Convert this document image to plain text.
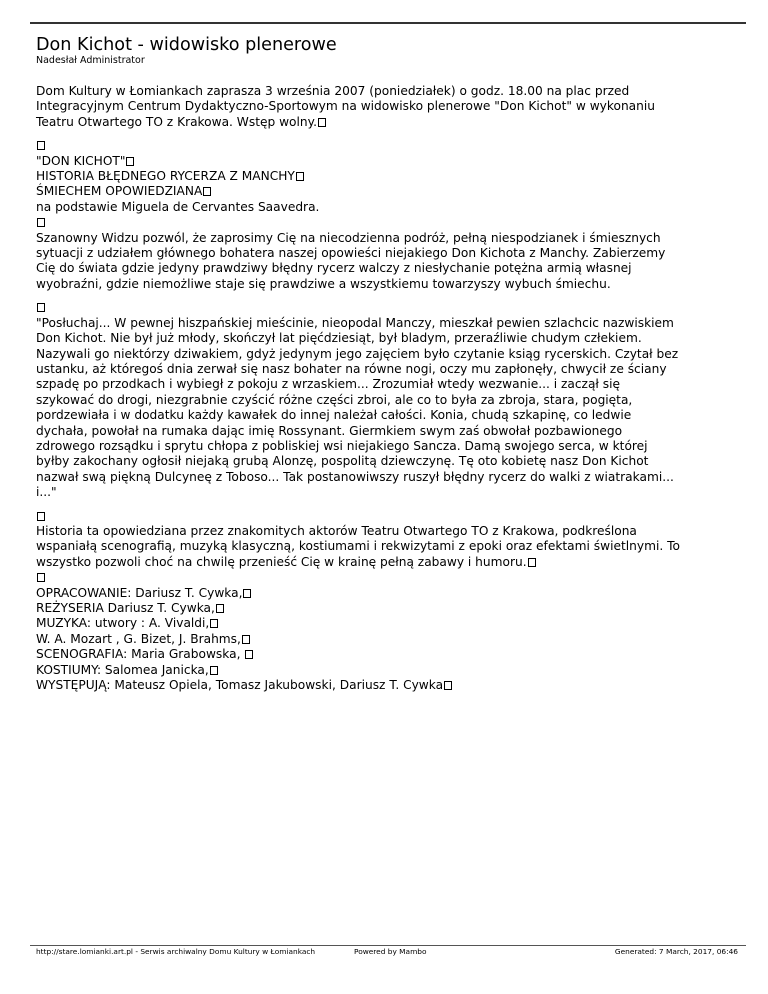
Don Kichot - widowisko plenerowe
Nadesłał Administrator

Dom Kultury w Łomiankach zaprasza 3 września 2007 (poniedziałek) o godz. 18.00 na plac przed
Integracyjnym Centrum Dydaktyczno-Sportowym na widowisko plenerowe "Don Kichot" w wykonaniu
Teatru Otwartego TO z Krakowa. Wstęp wolny.

"DON KICHOT"
HISTORIA BŁĘDNEGO RYCERZA Z MANCHY
ŚMIECHEM OPOWIEDZIANA
na podstawie Miguela de Cervantes Saavedra.
Szanowny Widzu pozwól, że zaprosimy Cię na niecodzienna podróż, pełną niespodzianek i śmiesznych
sytuacji z udziałem głównego bohatera naszej opowieści niejakiego Don Kichota z Manchy. Zabierzemy
Cię do świata gdzie jedyny prawdziwy błędny rycerz walczy z niesłychanie potężna armią własnej
wyobraźni, gdzie niemożliwe staje się prawdziwe a wszystkiemu towarzyszy wybuch śmiechu.

"Posłuchaj... W pewnej hiszpańskiej mieścinie, nieopodal Manczy, mieszkał pewien szlachcic nazwiskiem
Don Kichot. Nie był już młody, skończył lat pięćdziesiąt, był bladym, przeraźliwie chudym człekiem.
Nazywali go niektórzy dziwakiem, gdyż jedynym jego zajęciem było czytanie ksiąg rycerskich. Czytał bez
ustanku, aż któregoś dnia zerwał się nasz bohater na równe nogi, oczy mu zapłonęły, chwycił ze ściany
szpadę po przodkach i wybiegł z pokoju z wrzaskiem... Zrozumiał wtedy wezwanie... i zaczął się
szykować do drogi, niezgrabnie czyścić różne części zbroi, ale co to była za zbroja, stara, pogięta,
pordzewiała i w dodatku każdy kawałek do innej należał całości. Konia, chudą szkapinę, co ledwie
dychała, powołał na rumaka dając imię Rossynant. Giermkiem swym zaś obwołał pozbawionego
zdrowego rozsądku i sprytu chłopa z pobliskiej wsi niejakiego Sancza. Damą swojego serca, w której
byłby zakochany ogłosił niejaką grubą Alonzę, pospolitą dziewczynę. Tę oto kobietę nasz Don Kichot
nazwał swą piękną Dulcyneę z Toboso... Tak postanowiwszy ruszył błędny rycerz do walki z wiatrakami...
i..."

Historia ta opowiedziana przez znakomitych aktorów Teatru Otwartego TO z Krakowa, podkreślona
wspaniałą scenografią, muzyką klasyczną, kostiumami i rekwizytami z epoki oraz efektami świetlnymi. To
wszystko pozwoli choć na chwilę przenieść Cię w krainę pełną zabawy i humoru.
OPRACOWANIE: Dariusz T. Cywka,
REŻYSERIA Dariusz T. Cywka,
MUZYKA: utwory : A. Vivaldi,
W. A. Mozart , G. Bizet, J. Brahms,
SCENOGRAFIA: Maria Grabowska,
KOSTIUMY: Salomea Janicka,
WYSTĘPUJĄ: Mateusz Opiela, Tomasz Jakubowski, Dariusz T. Cywka

http://stare.lomianki.art.pl - Serwis archiwalny Domu Kultury w Łomiankach	Powered by Mambo	Generated: 7 March, 2017, 06:46
